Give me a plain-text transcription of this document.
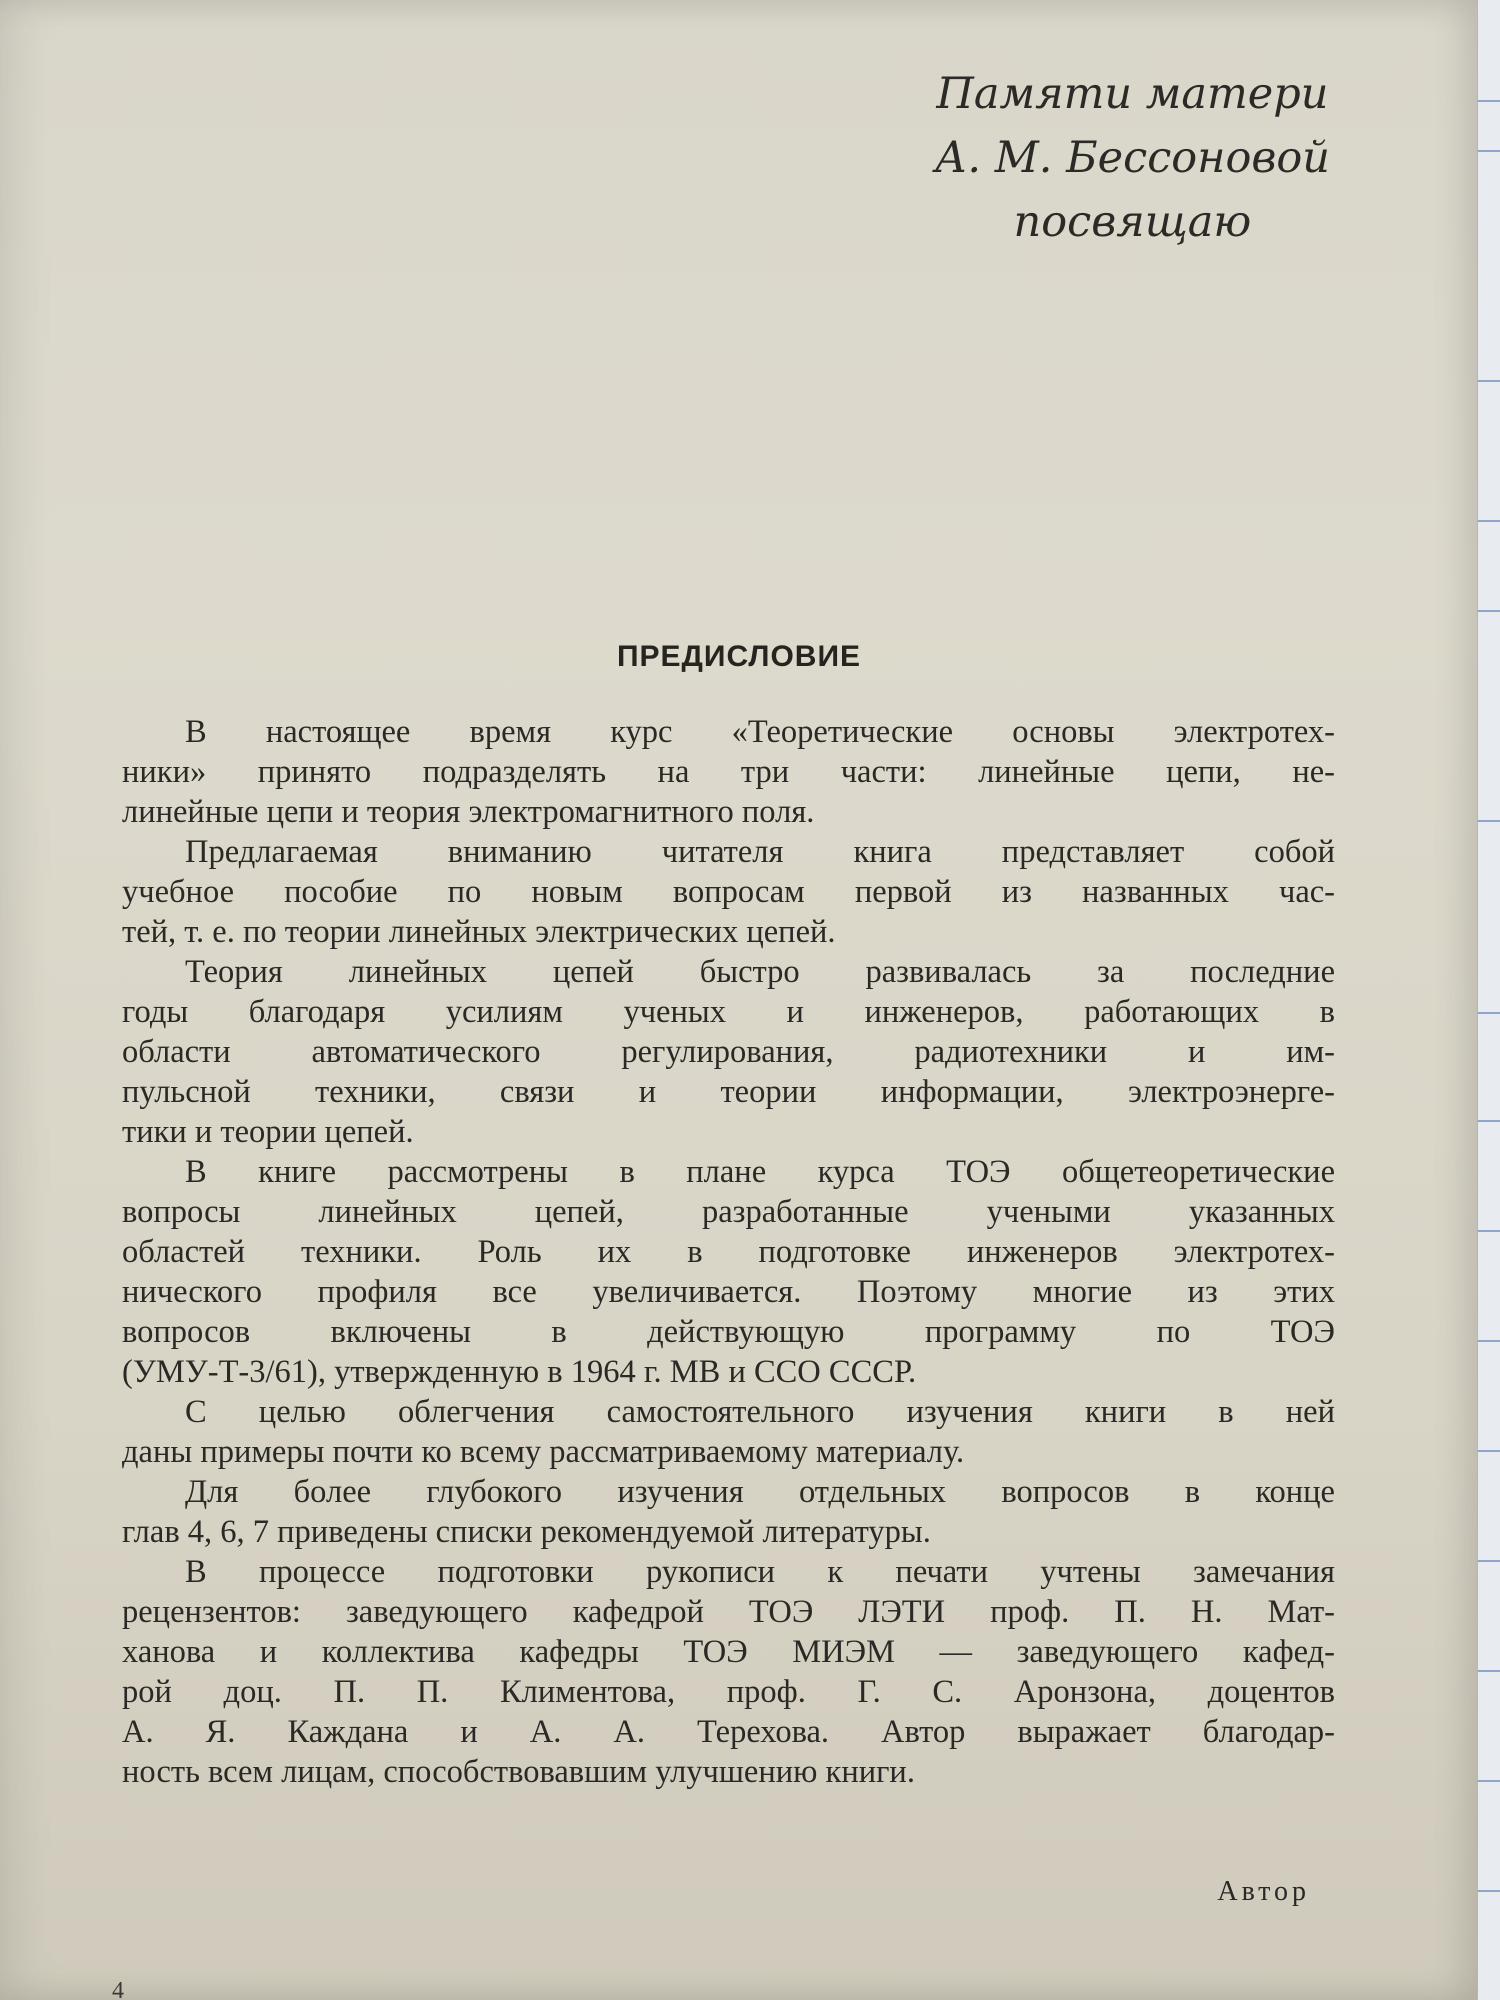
Памяти матери
А. М. Бессоновой
посвящаю
ПРЕДИСЛОВИЕ
В настоящее время курс «Теоретические основы электротех-
ники» принято подразделять на три части: линейные цепи, не-
линейные цепи и теория электромагнитного поля.
Предлагаемая вниманию читателя книга представляет собой
учебное пособие по новым вопросам первой из названных час-
тей, т. е. по теории линейных электрических цепей.
Теория линейных цепей быстро развивалась за последние
годы благодаря усилиям ученых и инженеров, работающих в
области автоматического регулирования, радиотехники и им-
пульсной техники, связи и теории информации, электроэнерге-
тики и теории цепей.
В книге рассмотрены в плане курса ТОЭ общетеоретические
вопросы линейных цепей, разработанные учеными указанных
областей техники. Роль их в подготовке инженеров электротех-
нического профиля все увеличивается. Поэтому многие из этих
вопросов включены в действующую программу по ТОЭ
(УМУ-Т-3/61), утвержденную в 1964 г. МВ и ССО СССР.
С целью облегчения самостоятельного изучения книги в ней
даны примеры почти ко всему рассматриваемому материалу.
Для более глубокого изучения отдельных вопросов в конце
глав 4, 6, 7 приведены списки рекомендуемой литературы.
В процессе подготовки рукописи к печати учтены замечания
рецензентов: заведующего кафедрой ТОЭ ЛЭТИ проф. П. Н. Мат-
ханова и коллектива кафедры ТОЭ МИЭМ — заведующего кафед-
рой доц. П. П. Климентова, проф. Г. С. Аронзона, доцентов
А. Я. Каждана и А. А. Терехова. Автор выражает благодар-
ность всем лицам, способствовавшим улучшению книги.
Автор
4
